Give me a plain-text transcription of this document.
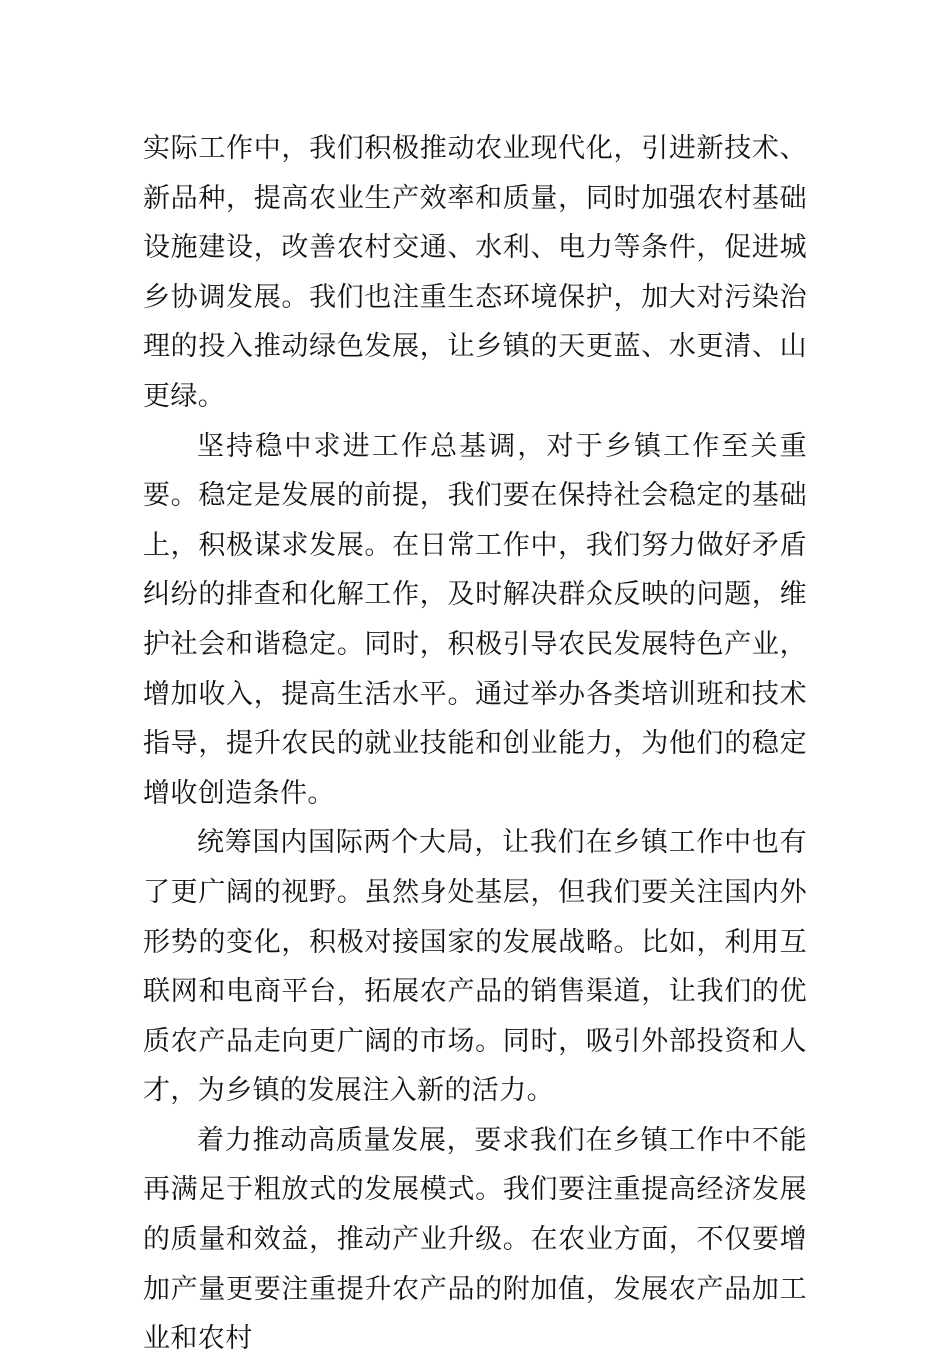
实际工作中，我们积极推动农业现代化，引进新技术、新品种，提高农业生产效率和质量，同时加强农村基础设施建设，改善农村交通、水利、电力等条件，促进城乡协调发展。我们也注重生态环境保护，加大对污染治理的投入推动绿色发展，让乡镇的天更蓝、水更清、山更绿。

坚持稳中求进工作总基调，对于乡镇工作至关重要。稳定是发展的前提，我们要在保持社会稳定的基础上，积极谋求发展。在日常工作中，我们努力做好矛盾纠纷的排查和化解工作，及时解决群众反映的问题，维护社会和谐稳定。同时，积极引导农民发展特色产业，增加收入，提高生活水平。通过举办各类培训班和技术指导，提升农民的就业技能和创业能力，为他们的稳定增收创造条件。

统筹国内国际两个大局，让我们在乡镇工作中也有了更广阔的视野。虽然身处基层，但我们要关注国内外形势的变化，积极对接国家的发展战略。比如，利用互联网和电商平台，拓展农产品的销售渠道，让我们的优质农产品走向更广阔的市场。同时，吸引外部投资和人才，为乡镇的发展注入新的活力。

着力推动高质量发展，要求我们在乡镇工作中不能再满足于粗放式的发展模式。我们要注重提高经济发展的质量和效益，推动产业升级。在农业方面，不仅要增加产量更要注重提升农产品的附加值，发展农产品加工业和农村
